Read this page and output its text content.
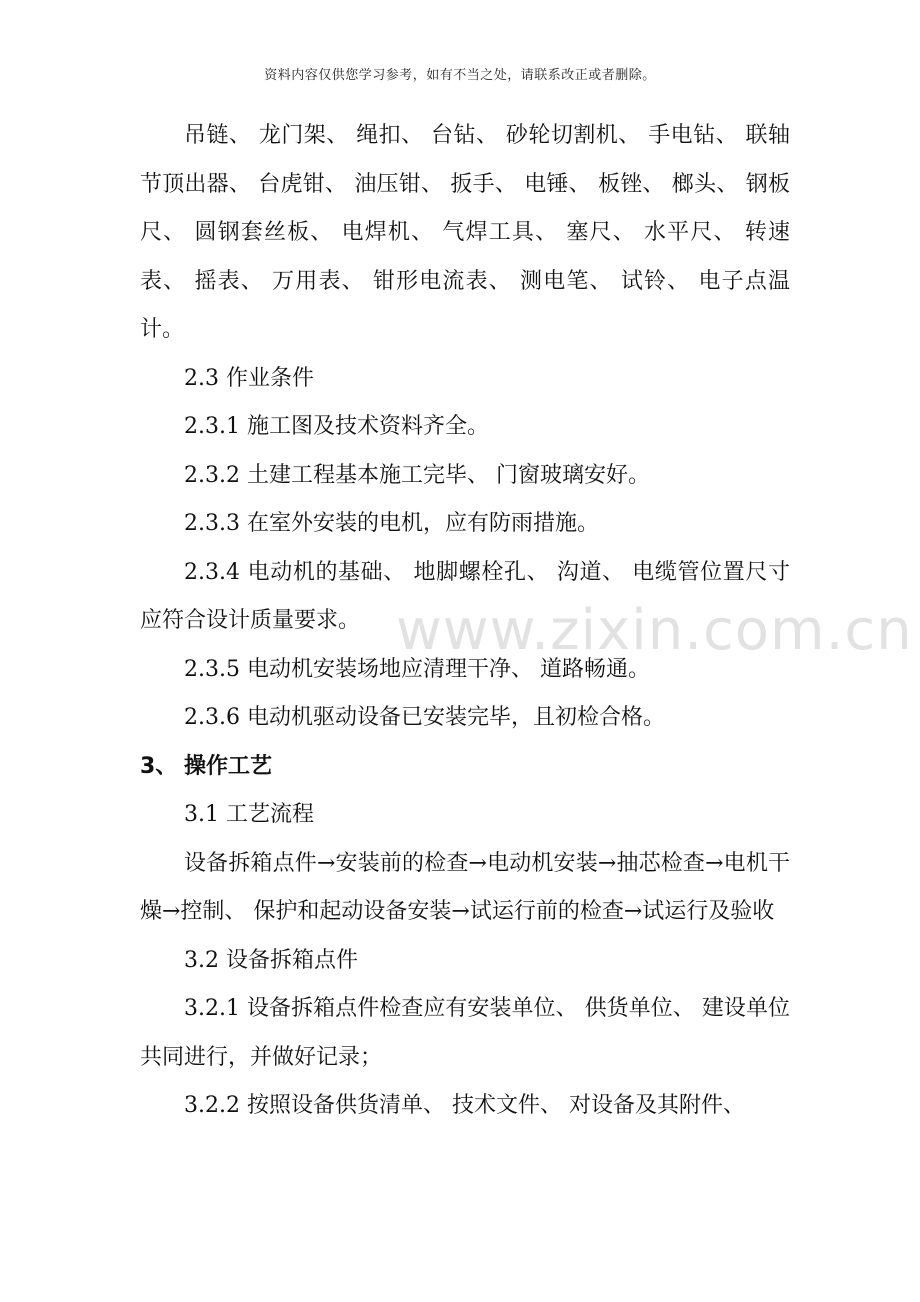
资料内容仅供您学习参考，如有不当之处，请联系改正或者删除。
www.zixin.com.cn

吊链、 龙门架、 绳扣、 台钻、 砂轮切割机、 手电钻、 联轴节顶出器、 台虎钳、 油压钳、 扳手、 电锤、 板锉、 榔头、 钢板尺、 圆钢套丝板、 电焊机、 气焊工具、 塞尺、 水平尺、 转速表、 摇表、 万用表、 钳形电流表、 测电笔、 试铃、 电子点温计。

2.3 作业条件

2.3.1 施工图及技术资料齐全。

2.3.2 土建工程基本施工完毕、 门窗玻璃安好。

2.3.3 在室外安装的电机，应有防雨措施。

2.3.4 电动机的基础、 地脚螺栓孔、 沟道、 电缆管位置尺寸应符合设计质量要求。

2.3.5 电动机安装场地应清理干净、 道路畅通。

2.3.6 电动机驱动设备已安装完毕，且初检合格。

3、 操作工艺

3.1 工艺流程

设备拆箱点件→安装前的检查→电动机安装→抽芯检查→电机干燥→控制、 保护和起动设备安装→试运行前的检查→试运行及验收

3.2 设备拆箱点件

3.2.1 设备拆箱点件检查应有安装单位、 供货单位、 建设单位共同进行，并做好记录；

3.2.2 按照设备供货清单、 技术文件、 对设备及其附件、
